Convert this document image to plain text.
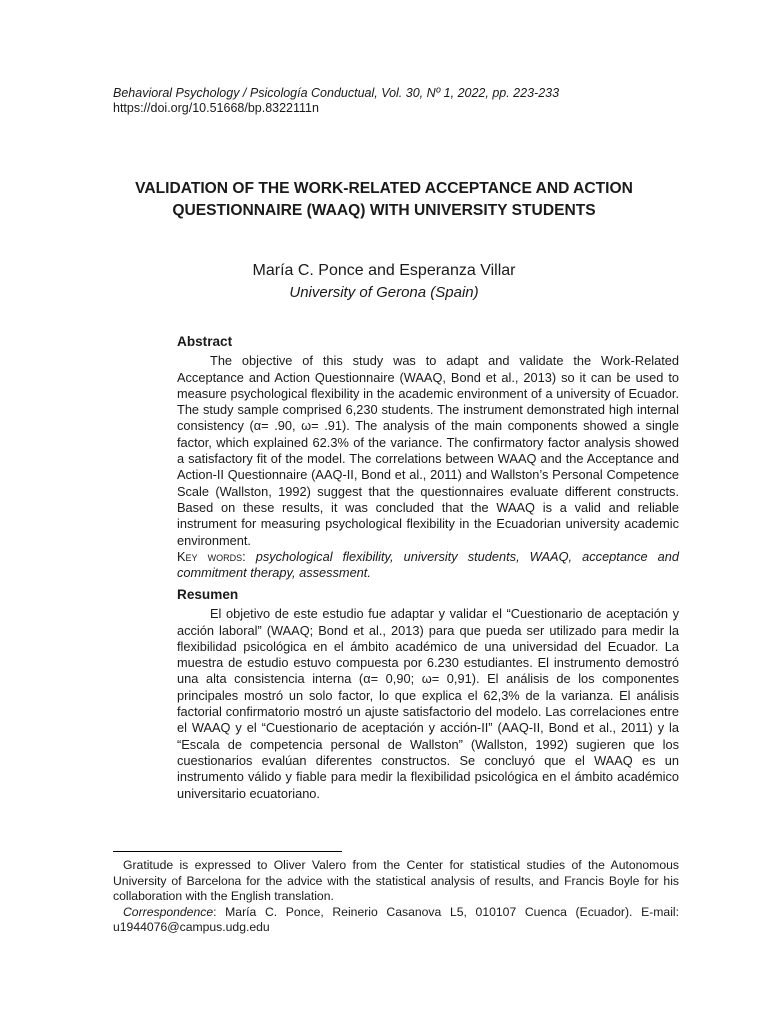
Behavioral Psychology / Psicología Conductual, Vol. 30, Nº 1, 2022, pp. 223-233
https://doi.org/10.51668/bp.8322111n
VALIDATION OF THE WORK-RELATED ACCEPTANCE AND ACTION QUESTIONNAIRE (WAAQ) WITH UNIVERSITY STUDENTS
María C. Ponce and Esperanza Villar
University of Gerona (Spain)
Abstract

The objective of this study was to adapt and validate the Work-Related Acceptance and Action Questionnaire (WAAQ, Bond et al., 2013) so it can be used to measure psychological flexibility in the academic environment of a university of Ecuador. The study sample comprised 6,230 students. The instrument demonstrated high internal consistency (α= .90, ω= .91). The analysis of the main components showed a single factor, which explained 62.3% of the variance. The confirmatory factor analysis showed a satisfactory fit of the model. The correlations between WAAQ and the Acceptance and Action-II Questionnaire (AAQ-II, Bond et al., 2011) and Wallston’s Personal Competence Scale (Wallston, 1992) suggest that the questionnaires evaluate different constructs. Based on these results, it was concluded that the WAAQ is a valid and reliable instrument for measuring psychological flexibility in the Ecuadorian university academic environment.

Key words: psychological flexibility, university students, WAAQ, acceptance and commitment therapy, assessment.

Resumen

El objetivo de este estudio fue adaptar y validar el “Cuestionario de aceptación y acción laboral” (WAAQ; Bond et al., 2013) para que pueda ser utilizado para medir la flexibilidad psicológica en el ámbito académico de una universidad del Ecuador. La muestra de estudio estuvo compuesta por 6.230 estudiantes. El instrumento demostró una alta consistencia interna (α= 0,90; ω= 0,91). El análisis de los componentes principales mostró un solo factor, lo que explica el 62,3% de la varianza. El análisis factorial confirmatorio mostró un ajuste satisfactorio del modelo. Las correlaciones entre el WAAQ y el “Cuestionario de aceptación y acción-II” (AAQ-II, Bond et al., 2011) y la “Escala de competencia personal de Wallston” (Wallston, 1992) sugieren que los cuestionarios evalúan diferentes constructos. Se concluyó que el WAAQ es un instrumento válido y fiable para medir la flexibilidad psicológica en el ámbito académico universitario ecuatoriano.

Gratitude is expressed to Oliver Valero from the Center for statistical studies of the Autonomous University of Barcelona for the advice with the statistical analysis of results, and Francis Boyle for his collaboration with the English translation.

Correspondence: María C. Ponce, Reinerio Casanova L5, 010107 Cuenca (Ecuador). E-mail: u1944076@campus.udg.edu
